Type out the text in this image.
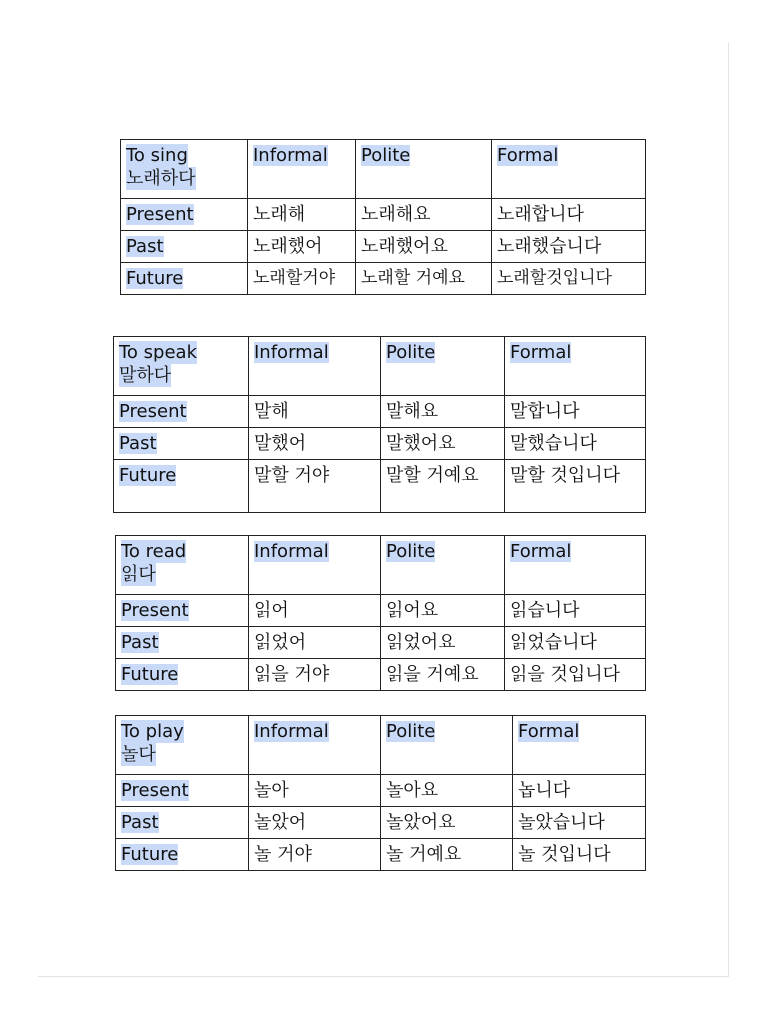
To sing
노래하다	Informal	Polite	Formal
Present	노래해	노래해요	노래합니다
Past	노래했어	노래했어요	노래했습니다
Future	노래할거야	노래할 거예요	노래할것입니다
To speak
말하다	Informal	Polite	Formal
Present	말해	말해요	말합니다
Past	말했어	말했어요	말했습니다
Future	말할 거야	말할 거예요	말할 것입니다
To read
읽다	Informal	Polite	Formal
Present	읽어	읽어요	읽습니다
Past	읽었어	읽었어요	읽었습니다
Future	읽을 거야	읽을 거예요	읽을 것입니다
To play
놀다	Informal	Polite	Formal
Present	놀아	놀아요	놉니다
Past	놀았어	놀았어요	놀았습니다
Future	놀 거야	놀 거예요	놀 것입니다
